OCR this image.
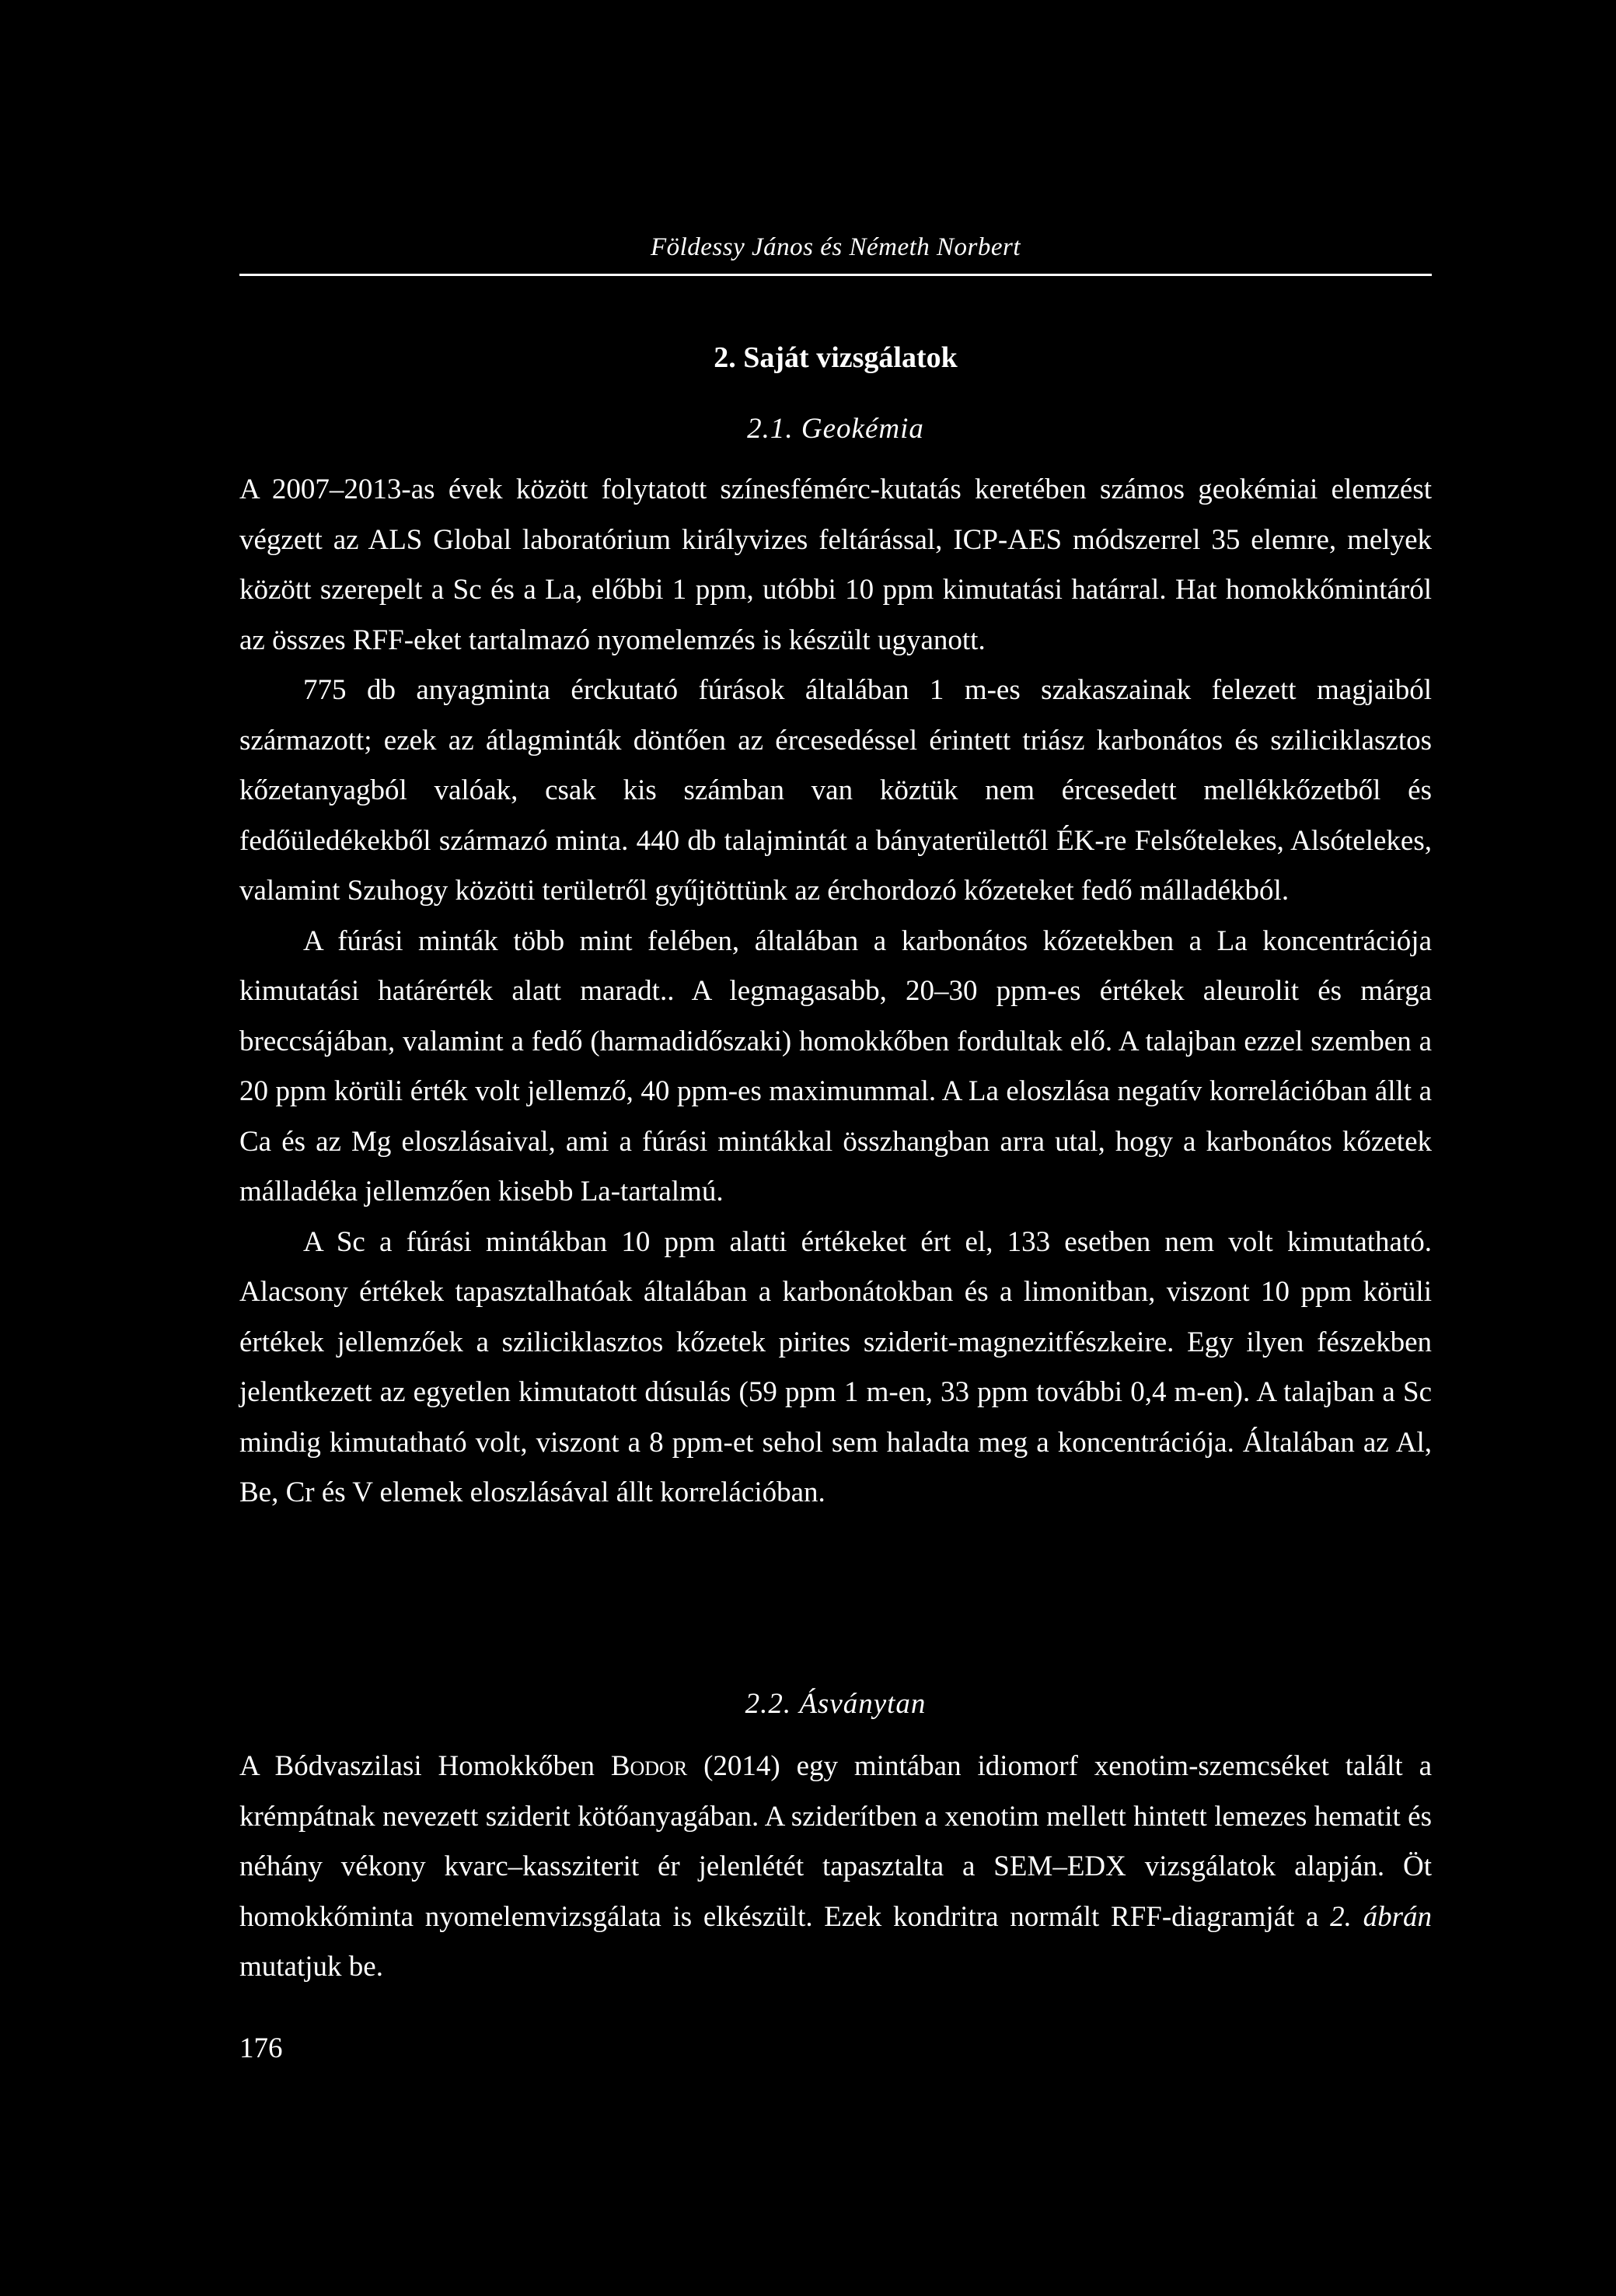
Földessy János és Németh Norbert
2. Saját vizsgálatok
2.1. Geokémia

A 2007–2013-as évek között folytatott színesfémérc-kutatás keretében számos geokémiai elemzést végzett az ALS Global laboratórium királyvizes feltárással, ICP-AES módszerrel 35 elemre, melyek között szerepelt a Sc és a La, előbbi 1 ppm, utóbbi 10 ppm kimutatási határral. Hat homokkőmintáról az összes RFF-eket tartalmazó nyomelemzés is készült ugyanott.

775 db anyagminta érckutató fúrások általában 1 m-es szakaszainak felezett magjaiból származott; ezek az átlagminták döntően az ércesedéssel érintett triász karbonátos és sziliciklasztos kőzetanyagból valóak, csak kis számban van köztük nem ércesedett mellékkőzetből és fedőüledékekből származó minta. 440 db talajmintát a bányaterülettől ÉK-re Felsőtelekes, Alsótelekes, valamint Szuhogy közötti területről gyűjtöttünk az érchordozó kőzeteket fedő málladékból.

A fúrási minták több mint felében, általában a karbonátos kőzetekben a La koncentrációja kimutatási határérték alatt maradt.. A legmagasabb, 20–30 ppm-es értékek aleurolit és márga breccsájában, valamint a fedő (harmadidőszaki) homokkőben fordultak elő. A talajban ezzel szemben a 20 ppm körüli érték volt jellemző, 40 ppm-es maximummal. A La eloszlása negatív korrelációban állt a Ca és az Mg eloszlásaival, ami a fúrási mintákkal összhangban arra utal, hogy a karbonátos kőzetek málladéka jellemzően kisebb La-tartalmú.

A Sc a fúrási mintákban 10 ppm alatti értékeket ért el, 133 esetben nem volt kimutatható. Alacsony értékek tapasztalhatóak általában a karbonátokban és a limonitban, viszont 10 ppm körüli értékek jellemzőek a sziliciklasztos kőzetek pirites sziderit-magnezitfészkeire. Egy ilyen fészekben jelentkezett az egyetlen kimutatott dúsulás (59 ppm 1 m-en, 33 ppm további 0,4 m-en). A talajban a Sc mindig kimutatható volt, viszont a 8 ppm-et sehol sem haladta meg a koncentrációja. Általában az Al, Be, Cr és V elemek eloszlásával állt korrelációban.

2.2. Ásványtan

A Bódvaszilasi Homokkőben Bodor (2014) egy mintában idiomorf xenotim-szemcséket talált a krémpátnak nevezett sziderit kötőanyagában. A sziderítben a xenotim mellett hintett lemezes hematit és néhány vékony kvarc–kassziterit ér jelenlétét tapasztalta a SEM–EDX vizsgálatok alapján. Öt homokkőminta nyomelemvizsgálata is elkészült. Ezek kondritra normált RFF-diagramját a 2. ábrán mutatjuk be.

176
